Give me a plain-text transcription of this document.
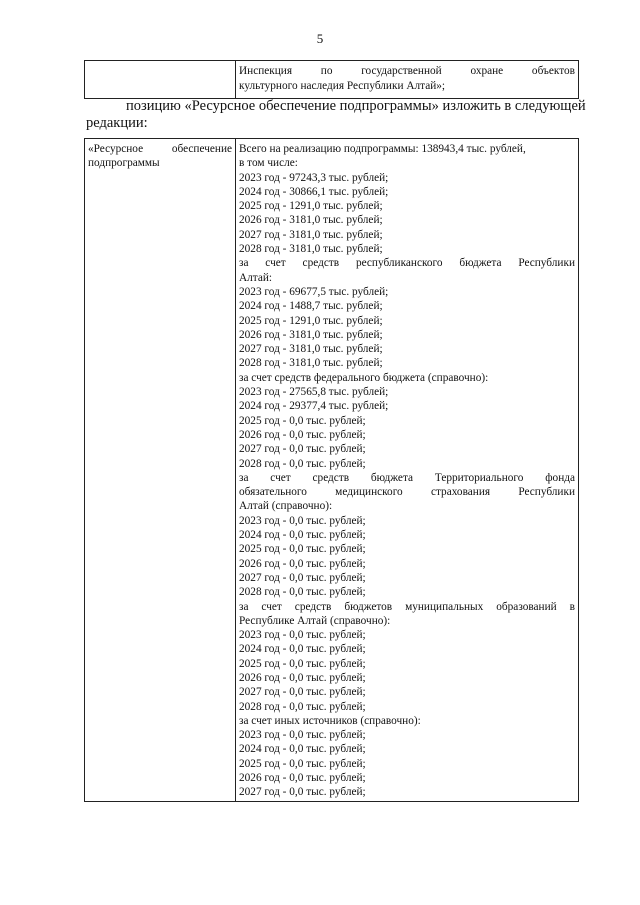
5

Инспекция по государственной охране объектов
культурного наследия Республики Алтай»;
позицию «Ресурсное обеспечение подпрограммы» изложить в следующей
редакции:
«Ресурсное обеспечение
подпрограммы

Всего на реализацию подпрограммы: 138943,4 тыс. рублей,
в том числе:
2023 год - 97243,3 тыс. рублей;
2024 год - 30866,1 тыс. рублей;
2025 год - 1291,0 тыс. рублей;
2026 год - 3181,0 тыс. рублей;
2027 год - 3181,0 тыс. рублей;
2028 год - 3181,0 тыс. рублей;
за счет средств республиканского бюджета Республики
Алтай:
2023 год - 69677,5 тыс. рублей;
2024 год - 1488,7 тыс. рублей;
2025 год - 1291,0 тыс. рублей;
2026 год - 3181,0 тыс. рублей;
2027 год - 3181,0 тыс. рублей;
2028 год - 3181,0 тыс. рублей;
за счет средств федерального бюджета (справочно):
2023 год - 27565,8 тыс. рублей;
2024 год - 29377,4 тыс. рублей;
2025 год - 0,0 тыс. рублей;
2026 год - 0,0 тыс. рублей;
2027 год - 0,0 тыс. рублей;
2028 год - 0,0 тыс. рублей;
за счет средств бюджета Территориального фонда
обязательного медицинского страхования Республики
Алтай (справочно):
2023 год - 0,0 тыс. рублей;
2024 год - 0,0 тыс. рублей;
2025 год - 0,0 тыс. рублей;
2026 год - 0,0 тыс. рублей;
2027 год - 0,0 тыс. рублей;
2028 год - 0,0 тыс. рублей;
за счет средств бюджетов муниципальных образований в
Республике Алтай (справочно):
2023 год - 0,0 тыс. рублей;
2024 год - 0,0 тыс. рублей;
2025 год - 0,0 тыс. рублей;
2026 год - 0,0 тыс. рублей;
2027 год - 0,0 тыс. рублей;
2028 год - 0,0 тыс. рублей;
за счет иных источников (справочно):
2023 год - 0,0 тыс. рублей;
2024 год - 0,0 тыс. рублей;
2025 год - 0,0 тыс. рублей;
2026 год - 0,0 тыс. рублей;
2027 год - 0,0 тыс. рублей;
